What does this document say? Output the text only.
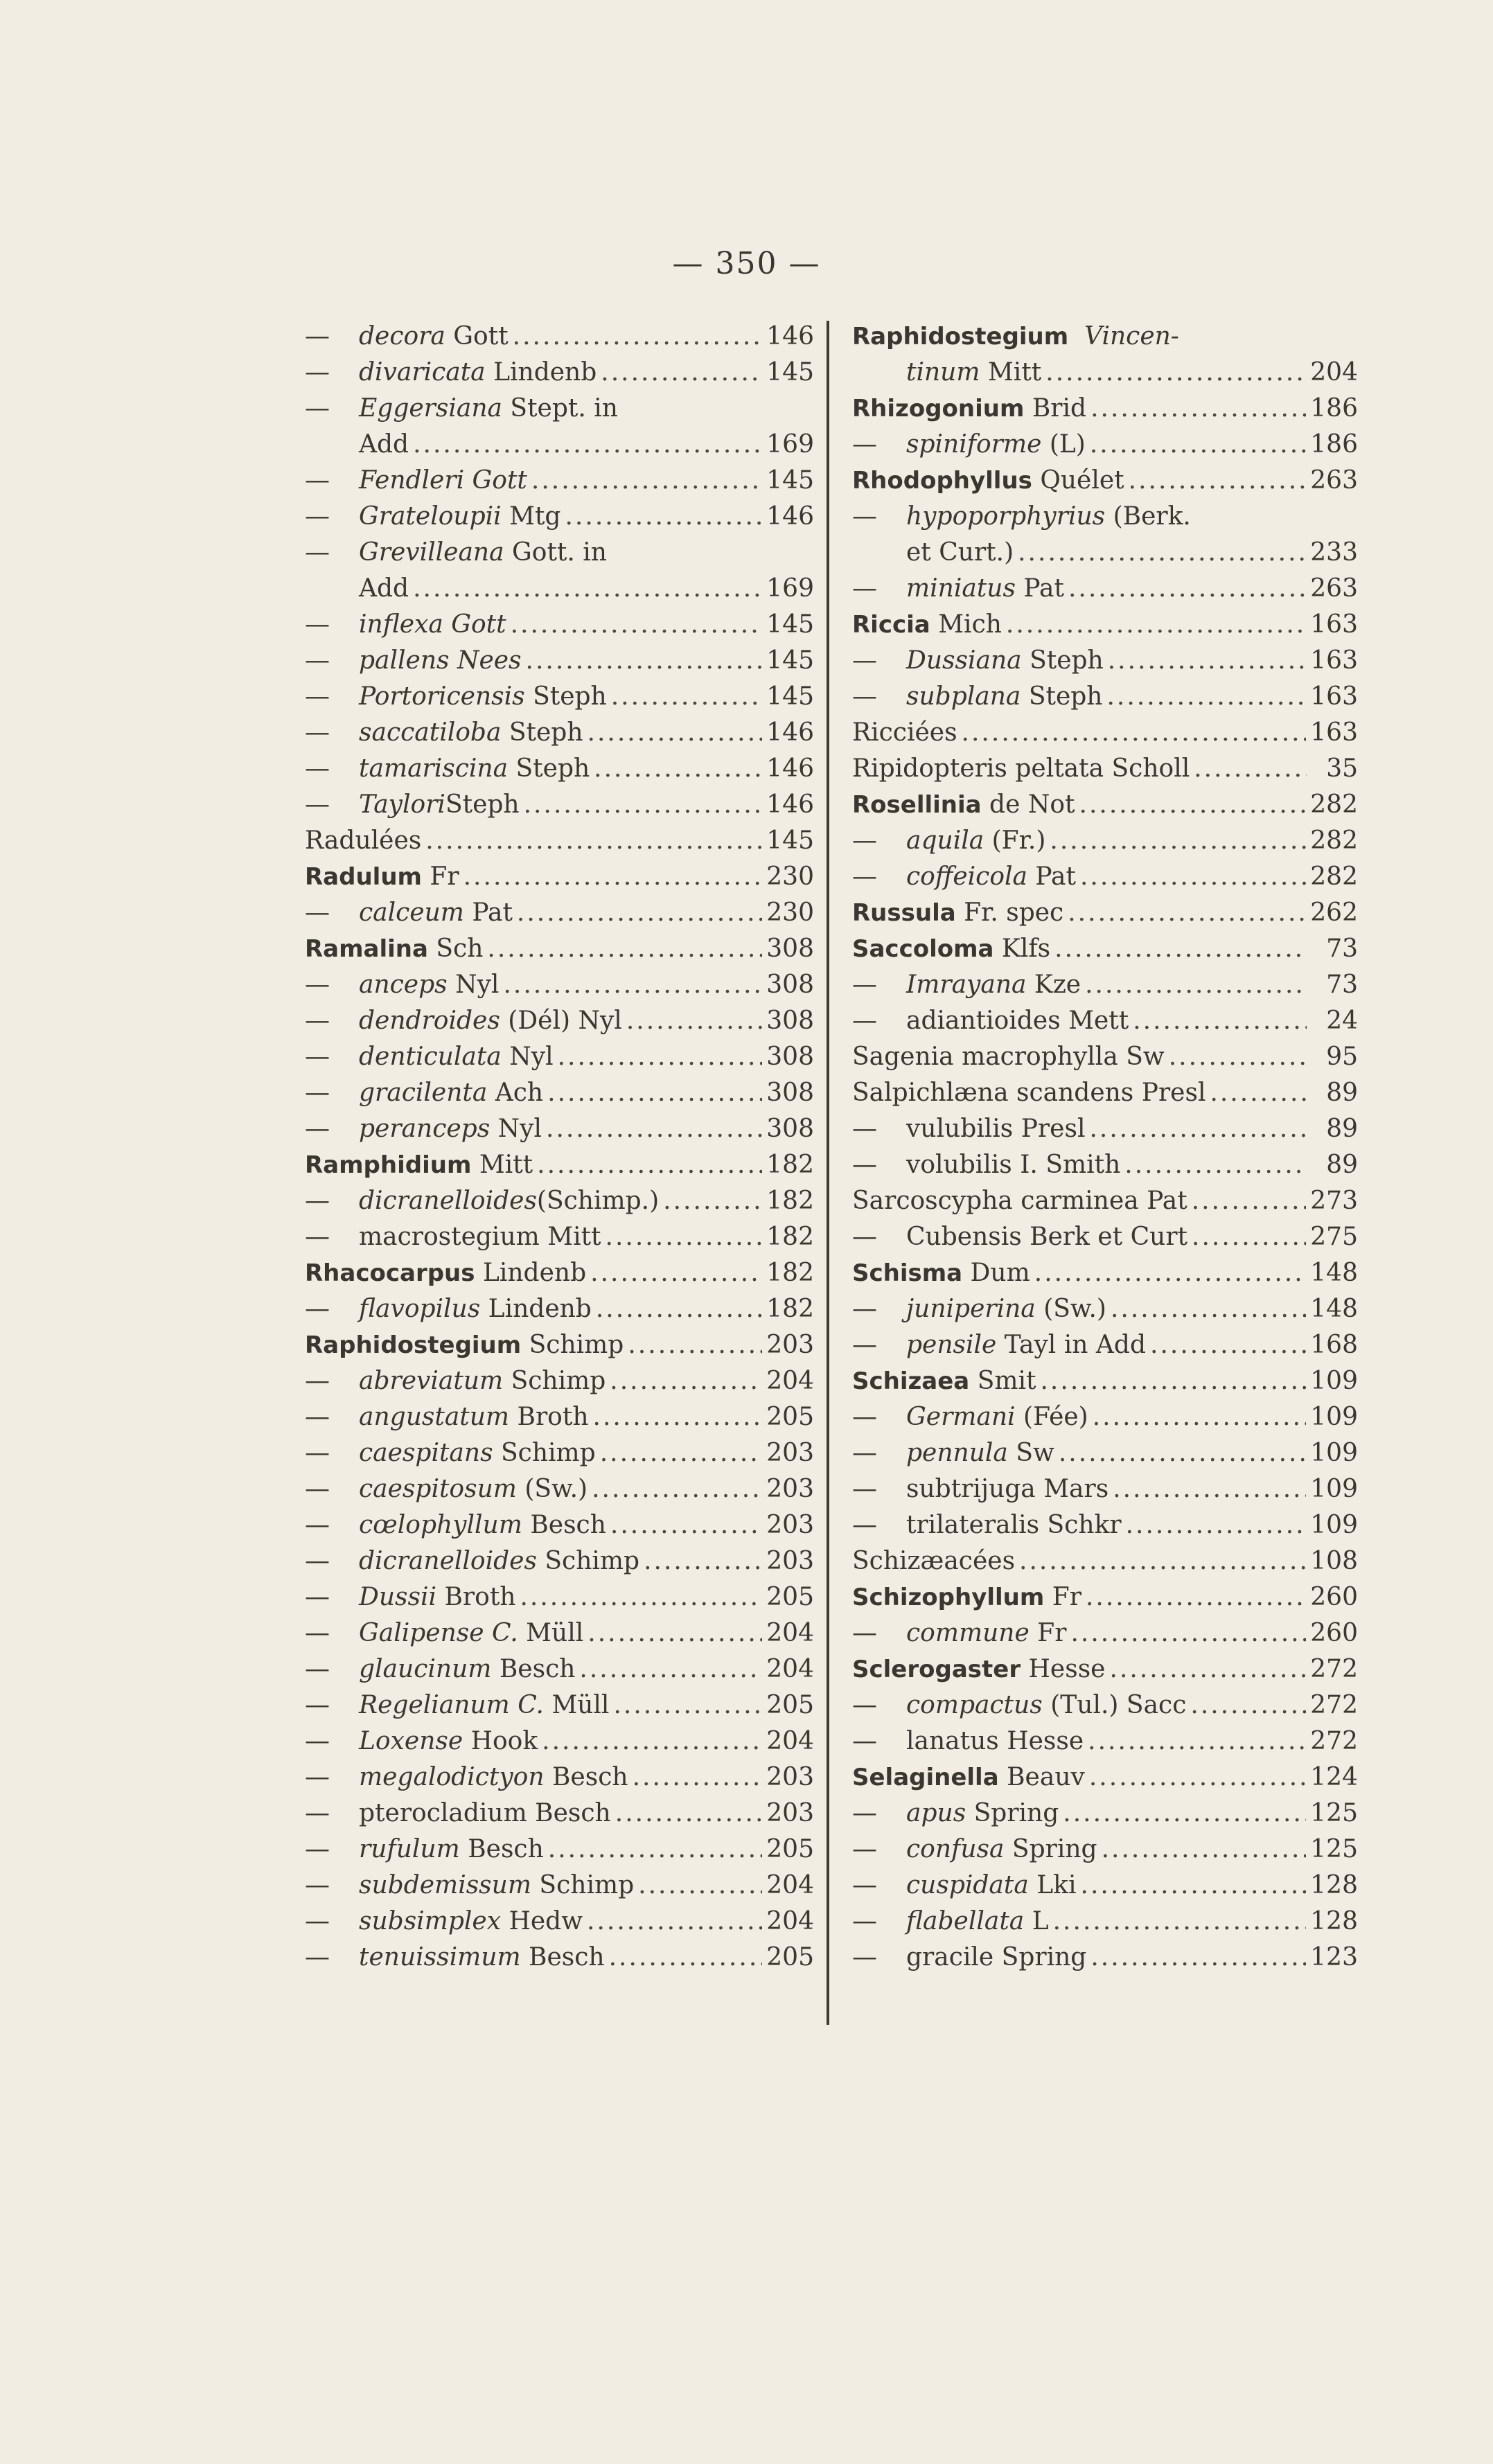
— 350 —
—	decora Gott .....	146
—	divaricata Lindenb .....	145
—	Eggersiana Stept. in
Add .....	169
—	Fendleri Gott .....	145
—	Grateloupii Mtg .....	146
—	Grevilleana Gott. in
Add .....	169
—	inflexa Gott .....	145
—	pallens Nees .....	145
—	Portoricensis Steph .....	145
—	saccatiloba Steph .....	146
—	tamariscina Steph .....	146
—	Taylori Steph .....	146
Radulées .....	145
Radulum Fr .....	230
—	calceum Pat .....	230
Ramalina Sch .....	308
—	anceps Nyl .....	308
—	dendroides (Dél) Nyl .....	308
—	denticulata Nyl .....	308
—	gracilenta Ach .....	308
—	peranceps Nyl .....	308
Ramphidium Mitt .....	182
—	dicranelloides (Schimp.) .....	182
—	macrostegium Mitt .....	182
Rhacocarpus Lindenb .....	182
—	flavopilus Lindenb .....	182
Raphidostegium Schimp .....	203
—	abreviatum Schimp .....	204
—	angustatum Broth .....	205
—	caespitans Schimp .....	203
—	caespitosum (Sw.) .....	203
—	cœlophyllum Besch .....	203
—	dicranelloides Schimp .....	203
—	Dussii Broth .....	205
—	Galipense C. Müll .....	204
—	glaucinum Besch .....	204
—	Regelianum C. Müll .....	205
—	Loxense Hook .....	204
—	megalodictyon Besch .....	203
—	pterocladium Besch .....	203
—	rufulum Besch .....	205
—	subdemissum Schimp .....	204
—	subsimplex Hedw .....	204
—	tenuissimum Besch .....	205
Raphidostegium Vincen-
tinum Mitt .....	204
Rhizogonium Brid .....	186
—	spiniforme (L) .....	186
Rhodophyllus Quélet .....	263
—	hypoporphyrius (Berk.
et Curt.) .....	233
—	miniatus Pat .....	263
Riccia Mich .....	163
—	Dussiana Steph .....	163
—	subplana Steph .....	163
Ricciées .....	163
Ripidopteris peltata Scholl .....	35
Rosellinia de Not .....	282
—	aquila (Fr.) .....	282
—	coffeicola Pat .....	282
Russula Fr. spec .....	262
Saccoloma Klfs .....	73
—	Imrayana Kze .....	73
—	adiantioides Mett .....	24
Sagenia macrophylla Sw .....	95
Salpichlæna scandens Presl .....	89
—	vulubilis Presl .....	89
—	volubilis I. Smith .....	89
Sarcoscypha carminea Pat .....	273
—	Cubensis Berk et Curt .....	275
Schisma Dum .....	148
—	juniperina (Sw.) .....	148
—	pensile Tayl in Add .....	168
Schizaea Smit .....	109
—	Germani (Fée) .....	109
—	pennula Sw .....	109
—	subtrijuga Mars .....	109
—	trilateralis Schkr .....	109
Schizæacées .....	108
Schizophyllum Fr .....	260
—	commune Fr .....	260
Sclerogaster Hesse .....	272
—	compactus (Tul.) Sacc .....	272
—	lanatus Hesse .....	272
Selaginella Beauv .....	124
—	apus Spring .....	125
—	confusa Spring .....	125
—	cuspidata Lki .....	128
—	flabellata L .....	128
—	gracile Spring .....	123
